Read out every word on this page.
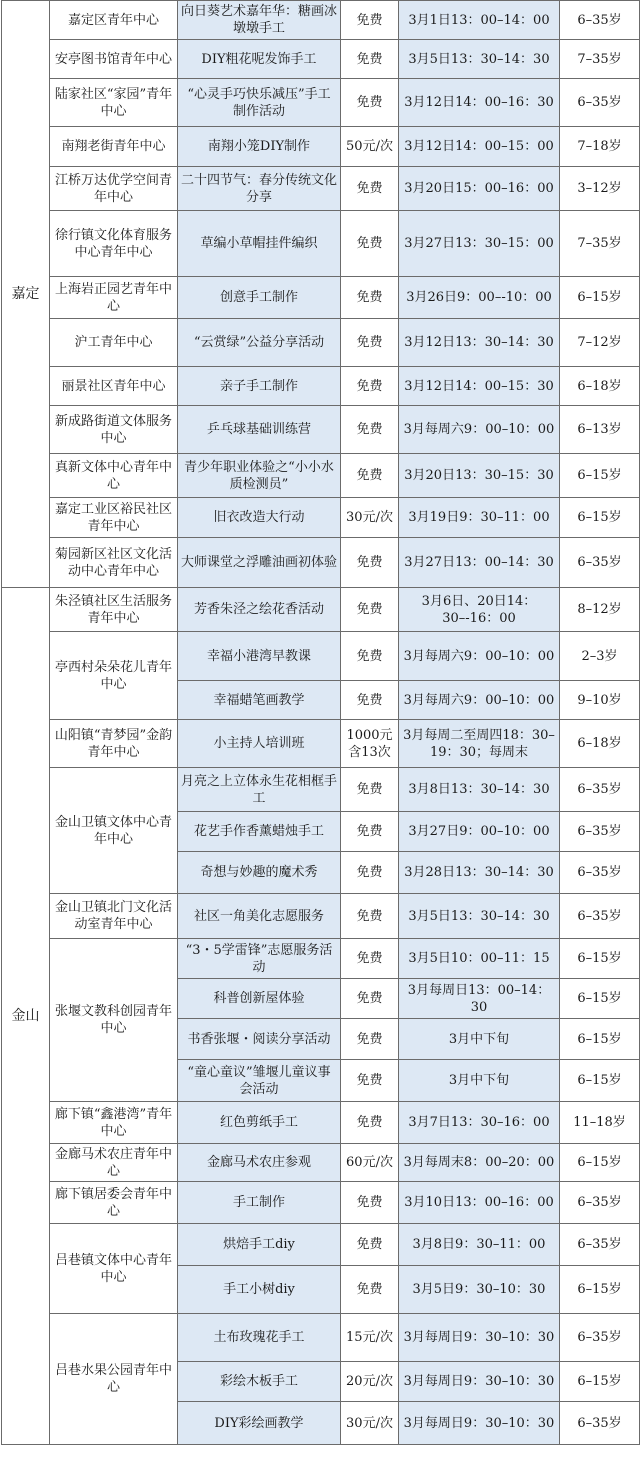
嘉定	嘉定区青年中心	向日葵艺术嘉年华：糖画冰墩墩手工	免费	3月1日13：00–14：00	6–35岁
	安亭图书馆青年中心	DIY粗花呢发饰手工	免费	3月5日13：30–14：30	7–35岁
	陆家社区“家园”青年中心	“心灵手巧快乐减压”手工制作活动	免费	3月12日14：00–16：30	6–35岁
	南翔老街青年中心	南翔小笼DIY制作	50元/次	3月12日14：00–15：00	7–18岁
	江桥万达优学空间青年中心	二十四节气：春分传统文化分享	免费	3月20日15：00–16：00	3–12岁
	徐行镇文化体育服务中心青年中心	草编小草帽挂件编织	免费	3月27日13：30–15：00	7–35岁
	上海岩正园艺青年中心	创意手工制作	免费	3月26日9：00–-10：00	6–15岁
	沪工青年中心	“云赏绿”公益分享活动	免费	3月12日13：30–14：30	7–12岁
	丽景社区青年中心	亲子手工制作	免费	3月12日14：00–15：30	6–18岁
	新成路街道文体服务中心	乒乓球基础训练营	免费	3月每周六9：00–10：00	6–13岁
	真新文体中心青年中心	青少年职业体验之“小小水质检测员”	免费	3月20日13：30–15：30	6–15岁
	嘉定工业区裕民社区青年中心	旧衣改造大行动	30元/次	3月19日9：30–11：00	6–15岁
	菊园新区社区文化活动中心青年中心	大师课堂之浮雕油画初体验	免费	3月27日13：00–14：30	6–35岁
金山	朱泾镇社区生活服务青年中心	芳香朱泾之绘花香活动	免费	3月6日、20日14：30–-16：00	8–12岁
	亭西村朵朵花儿青年中心	幸福小港湾早教课	免费	3月每周六9：00–10：00	2–3岁
		幸福蜡笔画教学	免费	3月每周六9：00–10：00	9–10岁
	山阳镇“青梦园”金韵青年中心	小主持人培训班	1000元含13次	3月每周二至周四18：30–19：30；每周末	6–18岁
	金山卫镇文体中心青年中心	月亮之上立体永生花相框手工	免费	3月8日13：30–14：30	6–35岁
		花艺手作香薰蜡烛手工	免费	3月27日9：00–10：00	6–35岁
		奇想与妙趣的魔术秀	免费	3月28日13：30–14：30	6–35岁
	金山卫镇北门文化活动室青年中心	社区一角美化志愿服务	免费	3月5日13：30–14：30	6–35岁
	张堰文教科创园青年中心	“3・5学雷锋”志愿服务活动	免费	3月5日10：00–11：15	6–15岁
		科普创新屋体验	免费	3月每周日13：00–14：30	6–15岁
		书香张堰・阅读分享活动	免费	3月中下旬	6–15岁
		“童心童议”雏堰儿童议事会活动	免费	3月中下旬	6–15岁
	廊下镇“鑫港湾”青年中心	红色剪纸手工	免费	3月7日13：30–16：00	11–18岁
	金廊马术农庄青年中心	金廊马术农庄参观	60元/次	3月每周末8：00–20：00	6–15岁
	廊下镇居委会青年中心	手工制作	免费	3月10日13：00–16：00	6–35岁
	吕巷镇文体中心青年中心	烘焙手工diy	免费	3月8日9：30–11：00	6–35岁
		手工小树diy	免费	3月5日9：30–10：30	6–15岁
	吕巷水果公园青年中心	土布玫瑰花手工	15元/次	3月每周日9：30–10：30	6–35岁
		彩绘木板手工	20元/次	3月每周日9：30–10：30	6–15岁
		DIY彩绘画教学	30元/次	3月每周日9：30–10：30	6–35岁
